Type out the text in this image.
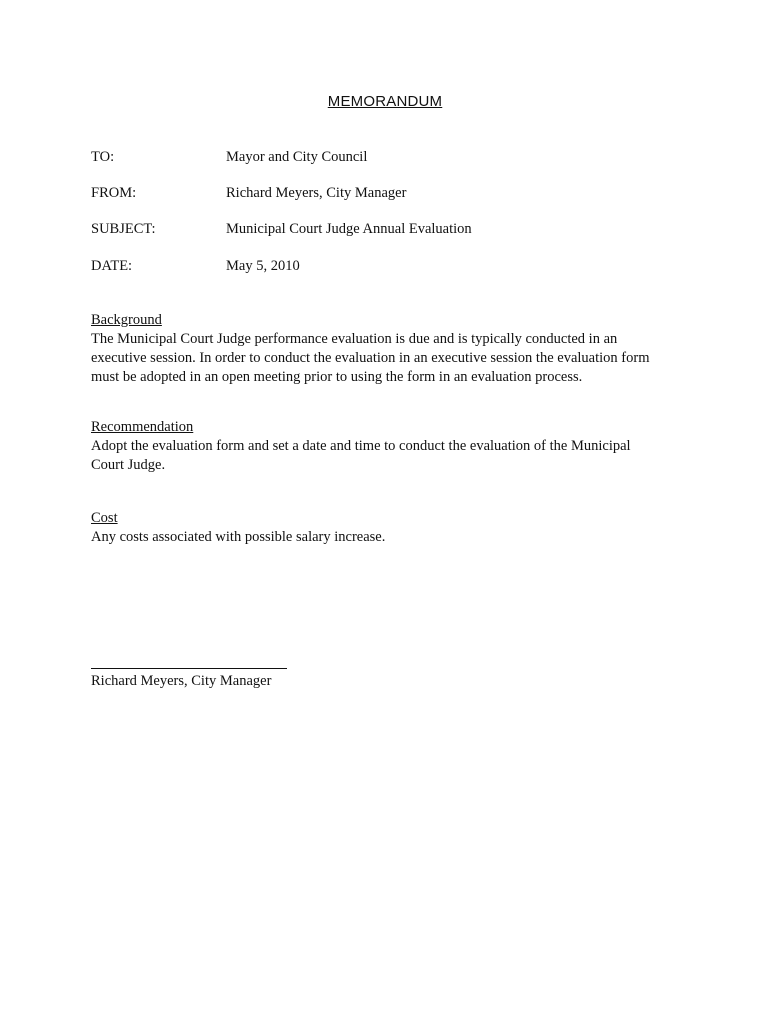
MEMORANDUM
TO:	Mayor and City Council
FROM:	Richard Meyers, City Manager
SUBJECT:	Municipal Court Judge Annual Evaluation
DATE:	May 5, 2010
Background
The Municipal Court Judge performance evaluation is due and is typically conducted in an
executive session. In order to conduct the evaluation in an executive session the evaluation form
must be adopted in an open meeting prior to using the form in an evaluation process.
Recommendation
Adopt the evaluation form and set a date and time to conduct the evaluation of the Municipal
Court Judge.
Cost
Any costs associated with possible salary increase.
Richard Meyers, City Manager
